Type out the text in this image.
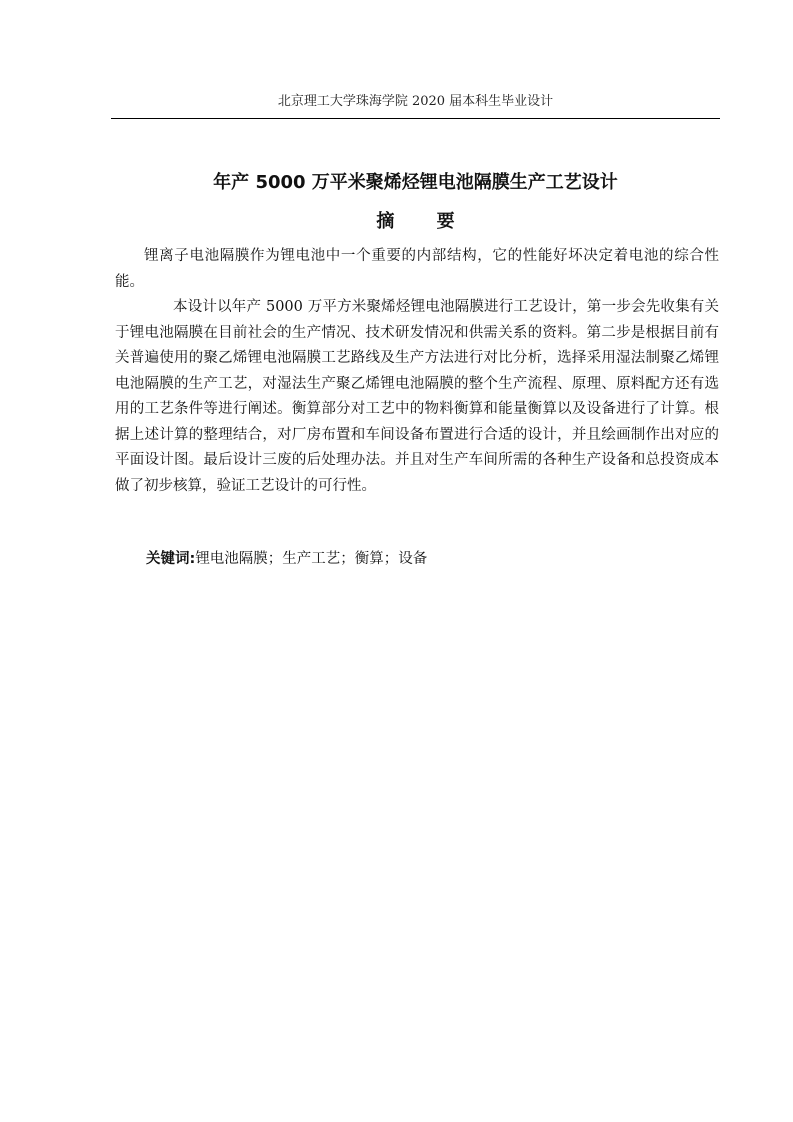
北京理工大学珠海学院 2020 届本科生毕业设计
年产 5000 万平米聚烯烃锂电池隔膜生产工艺设计
摘 要

锂离子电池隔膜作为锂电池中一个重要的内部结构，它的性能好坏决定着电池的综合性能。

本设计以年产 5000 万平方米聚烯烃锂电池隔膜进行工艺设计，第一步会先收集有关于锂电池隔膜在目前社会的生产情况、技术研发情况和供需关系的资料。第二步是根据目前有关普遍使用的聚乙烯锂电池隔膜工艺路线及生产方法进行对比分析，选择采用湿法制聚乙烯锂电池隔膜的生产工艺，对湿法生产聚乙烯锂电池隔膜的整个生产流程、原理、原料配方还有选用的工艺条件等进行阐述。衡算部分对工艺中的物料衡算和能量衡算以及设备进行了计算。根据上述计算的整理结合，对厂房布置和车间设备布置进行合适的设计，并且绘画制作出对应的平面设计图。最后设计三废的后处理办法。并且对生产车间所需的各种生产设备和总投资成本做了初步核算，验证工艺设计的可行性。

关键词:锂电池隔膜；生产工艺；衡算；设备
